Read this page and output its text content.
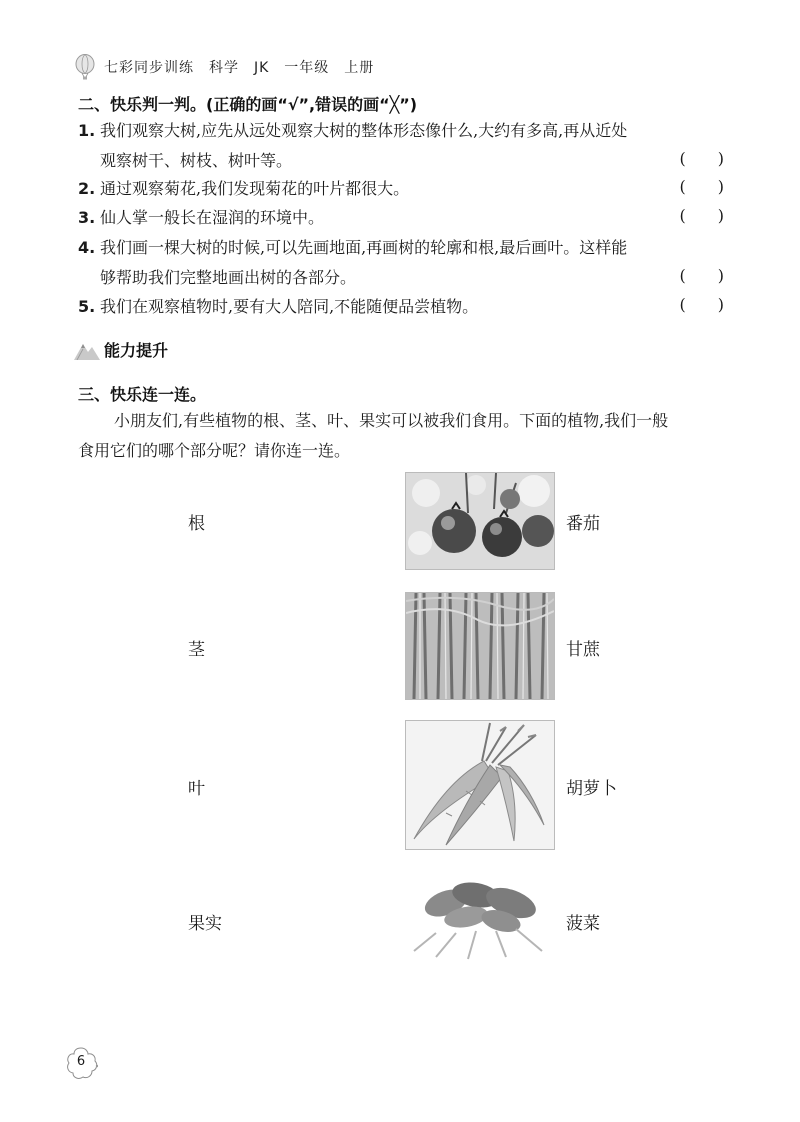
七彩同步训练　科学　JK　一年级　上册
二、快乐判一判。(正确的画“√”,错误的画“╳”)
1. 我们观察大树,应先从远处观察大树的整体形态像什么,大约有多高,再从近处
观察树干、树枝、树叶等。	(　　)
2. 通过观察菊花,我们发现菊花的叶片都很大。	(　　)
3. 仙人掌一般长在湿润的环境中。	(　　)
4. 我们画一棵大树的时候,可以先画地面,再画树的轮廓和根,最后画叶。这样能
够帮助我们完整地画出树的各部分。	(　　)
5. 我们在观察植物时,要有大人陪同,不能随便品尝植物。	(　　)
能力提升
三、快乐连一连。
小朋友们,有些植物的根、茎、叶、果实可以被我们食用。下面的植物,我们一般
食用它们的哪个部分呢？请你连一连。
根
茎
叶
果实
番茄
甘蔗
胡萝卜
菠菜
6
